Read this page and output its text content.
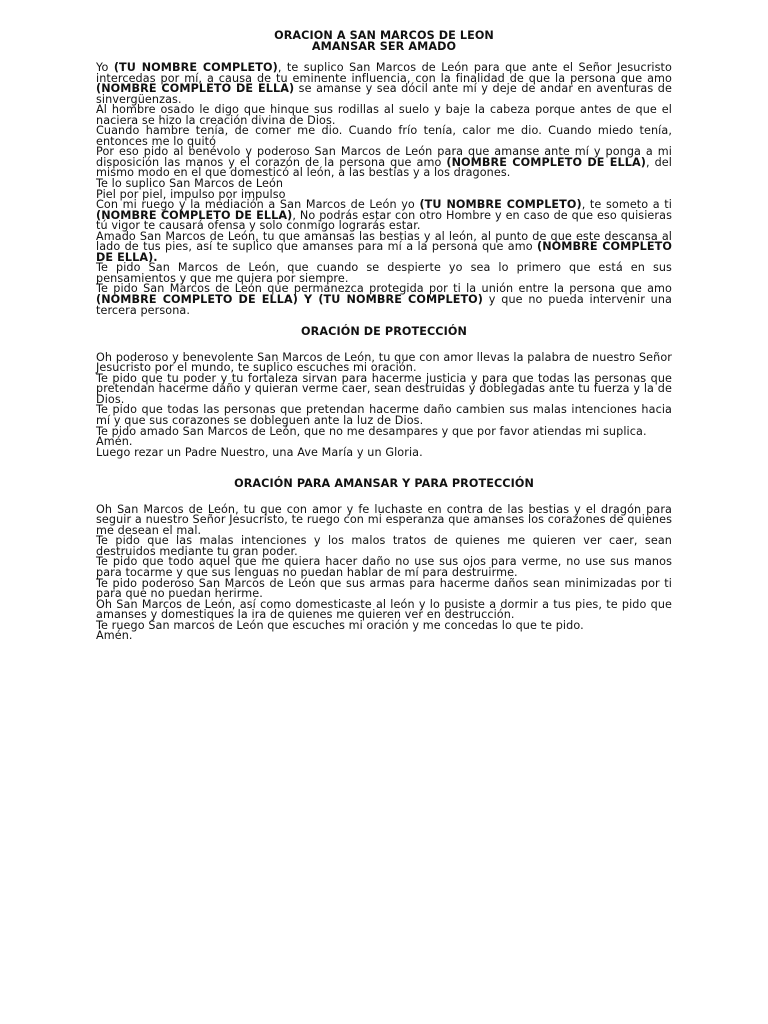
ORACION A SAN MARCOS DE LEON

AMANSAR SER AMADO

Yo (TU NOMBRE COMPLETO), te suplico San Marcos de León para que ante el Señor Jesucristo intercedas por mí, a causa de tu eminente influencia, con la finalidad de que la persona que amo (NOMBRE COMPLETO DE ELLA) se amanse y sea dócil ante mí y deje de andar en aventuras de sinvergüenzas.

Al hombre osado le digo que hinque sus rodillas al suelo y baje la cabeza porque antes de que el naciera se hizo la creación divina de Dios.

Cuando hambre tenía, de comer me dio. Cuando frío tenía, calor me dio. Cuando miedo tenía, entonces me lo quitó

Por eso pido al benévolo y poderoso San Marcos de León para que amanse ante mí y ponga a mi disposición las manos y el corazón de la persona que amo (NOMBRE COMPLETO DE ELLA), del mismo modo en el que domesticó al león, a las bestias y a los dragones.

Te lo suplico San Marcos de León

Piel por piel, impulso por impulso

Con mi ruego y la mediación a San Marcos de León yo (TU NOMBRE COMPLETO), te someto a ti (NOMBRE COMPLETO DE ELLA), No podrás estar con otro Hombre y en caso de que eso quisieras tú vigor te causará ofensa y solo conmigo lograrás estar.

Amado San Marcos de León, tu que amansas las bestias y al león, al punto de que este descansa al lado de tus pies, así te suplico que amanses para mí a la persona que amo (NOMBRE COMPLETO DE ELLA).

Te pido San Marcos de León, que cuando se despierte yo sea lo primero que está en sus pensamientos y que me quiera por siempre.

Te pido San Marcos de León que permanezca protegida por ti la unión entre la persona que amo (NOMBRE COMPLETO DE ELLA) Y (TU NOMBRE COMPLETO) y que no pueda intervenir una tercera persona.

ORACIÓN DE PROTECCIÓN

Oh poderoso y benevolente San Marcos de León, tu que con amor llevas la palabra de nuestro Señor Jesucristo por el mundo, te suplico escuches mi oración.

Te pido que tu poder y tu fortaleza sirvan para hacerme justicia y para que todas las personas que pretendan hacerme daño y quieran verme caer, sean destruidas y doblegadas ante tu fuerza y la de Dios.

Te pido que todas las personas que pretendan hacerme daño cambien sus malas intenciones hacia mí y que sus corazones se dobleguen ante la luz de Dios.

Te pido amado San Marcos de León, que no me desampares y que por favor atiendas mi suplica.

Amén.

Luego rezar un Padre Nuestro, una Ave María y un Gloria.

ORACIÓN PARA AMANSAR Y PARA PROTECCIÓN

Oh San Marcos de León, tu que con amor y fe luchaste en contra de las bestias y el dragón para seguir a nuestro Señor Jesucristo, te ruego con mi esperanza que amanses los corazones de quienes me desean el mal.

Te pido que las malas intenciones y los malos tratos de quienes me quieren ver caer, sean destruidos mediante tu gran poder.

Te pido que todo aquel que me quiera hacer daño no use sus ojos para verme, no use sus manos para tocarme y que sus lenguas no puedan hablar de mí para destruirme.

Te pido poderoso San Marcos de León que sus armas para hacerme daños sean minimizadas por ti para que no puedan herirme.

Oh San Marcos de León, así como domesticaste al león y lo pusiste a dormir a tus pies, te pido que amanses y domestiques la ira de quienes me quieren ver en destrucción.

Te ruego San marcos de León que escuches mi oración y me concedas lo que te pido.

Amén.
